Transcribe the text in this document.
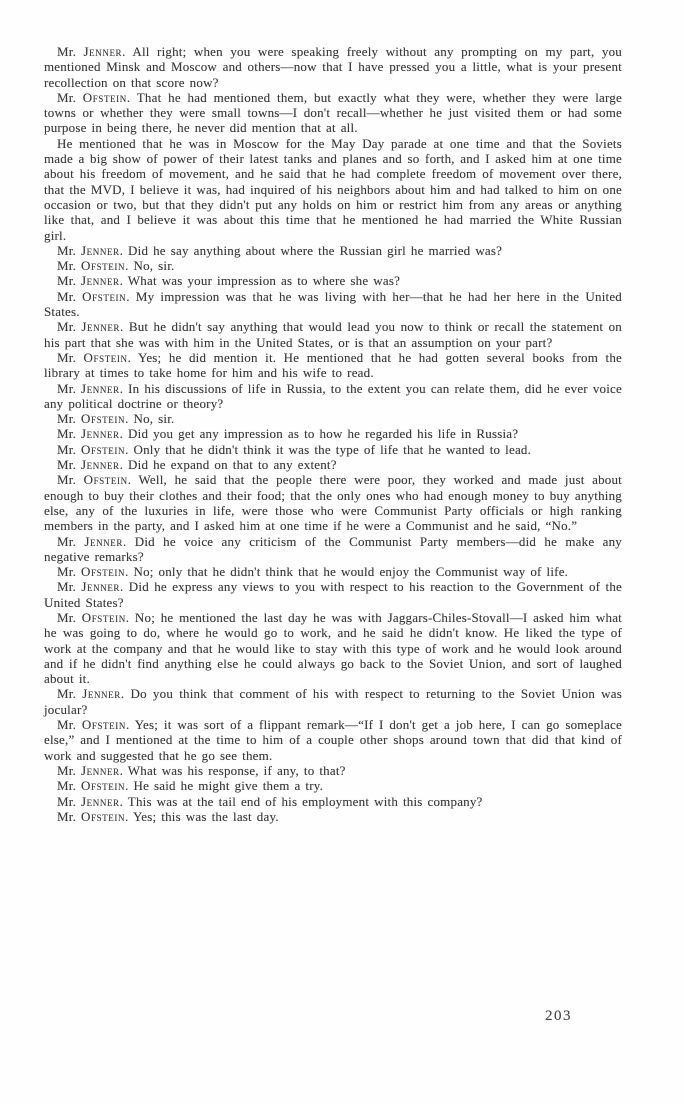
Mr. Jenner. All right; when you were speaking freely without any prompting on my part, you mentioned Minsk and Moscow and others—now that I have pressed you a little, what is your present recollection on that score now?

Mr. Ofstein. That he had mentioned them, but exactly what they were, whether they were large towns or whether they were small towns—I don't recall—whether he just visited them or had some purpose in being there, he never did mention that at all.

He mentioned that he was in Moscow for the May Day parade at one time and that the Soviets made a big show of power of their latest tanks and planes and so forth, and I asked him at one time about his freedom of movement, and he said that he had complete freedom of movement over there, that the MVD, I believe it was, had inquired of his neighbors about him and had talked to him on one occasion or two, but that they didn't put any holds on him or restrict him from any areas or anything like that, and I believe it was about this time that he mentioned he had married the White Russian girl.

Mr. Jenner. Did he say anything about where the Russian girl he married was?

Mr. Ofstein. No, sir.

Mr. Jenner. What was your impression as to where she was?

Mr. Ofstein. My impression was that he was living with her—that he had her here in the United States.

Mr. Jenner. But he didn't say anything that would lead you now to think or recall the statement on his part that she was with him in the United States, or is that an assumption on your part?

Mr. Ofstein. Yes; he did mention it. He mentioned that he had gotten several books from the library at times to take home for him and his wife to read.

Mr. Jenner. In his discussions of life in Russia, to the extent you can relate them, did he ever voice any political doctrine or theory?

Mr. Ofstein. No, sir.

Mr. Jenner. Did you get any impression as to how he regarded his life in Russia?

Mr. Ofstein. Only that he didn't think it was the type of life that he wanted to lead.

Mr. Jenner. Did he expand on that to any extent?

Mr. Ofstein. Well, he said that the people there were poor, they worked and made just about enough to buy their clothes and their food; that the only ones who had enough money to buy anything else, any of the luxuries in life, were those who were Communist Party officials or high ranking members in the party, and I asked him at one time if he were a Communist and he said, “No.”

Mr. Jenner. Did he voice any criticism of the Communist Party members—did he make any negative remarks?

Mr. Ofstein. No; only that he didn't think that he would enjoy the Communist way of life.

Mr. Jenner. Did he express any views to you with respect to his reaction to the Government of the United States?

Mr. Ofstein. No; he mentioned the last day he was with Jaggars-Chiles-Stovall—I asked him what he was going to do, where he would go to work, and he said he didn't know. He liked the type of work at the company and that he would like to stay with this type of work and he would look around and if he didn't find anything else he could always go back to the Soviet Union, and sort of laughed about it.

Mr. Jenner. Do you think that comment of his with respect to returning to the Soviet Union was jocular?

Mr. Ofstein. Yes; it was sort of a flippant remark—“If I don't get a job here, I can go someplace else,” and I mentioned at the time to him of a couple other shops around town that did that kind of work and suggested that he go see them.

Mr. Jenner. What was his response, if any, to that?

Mr. Ofstein. He said he might give them a try.

Mr. Jenner. This was at the tail end of his employment with this company?

Mr. Ofstein. Yes; this was the last day.

203
